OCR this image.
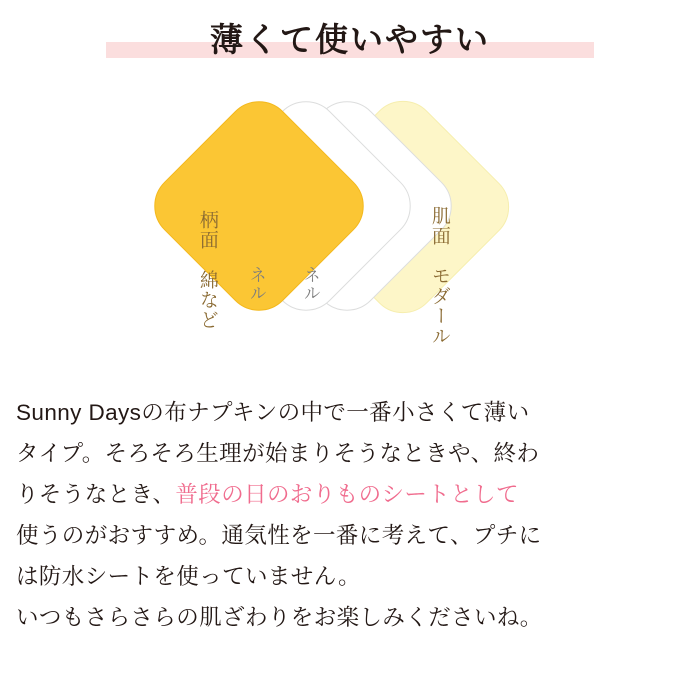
薄くて使いやすい
肌面　モダール
ネル
ネル
柄面　綿など

Sunny Daysの布ナプキンの中で一番小さくて薄い

タイプ。そろそろ生理が始まりそうなときや、終わ

りそうなとき、普段の日のおりものシートとして

使うのがおすすめ。通気性を一番に考えて、プチに

は防水シートを使っていません。

いつもさらさらの肌ざわりをお楽しみくださいね。
